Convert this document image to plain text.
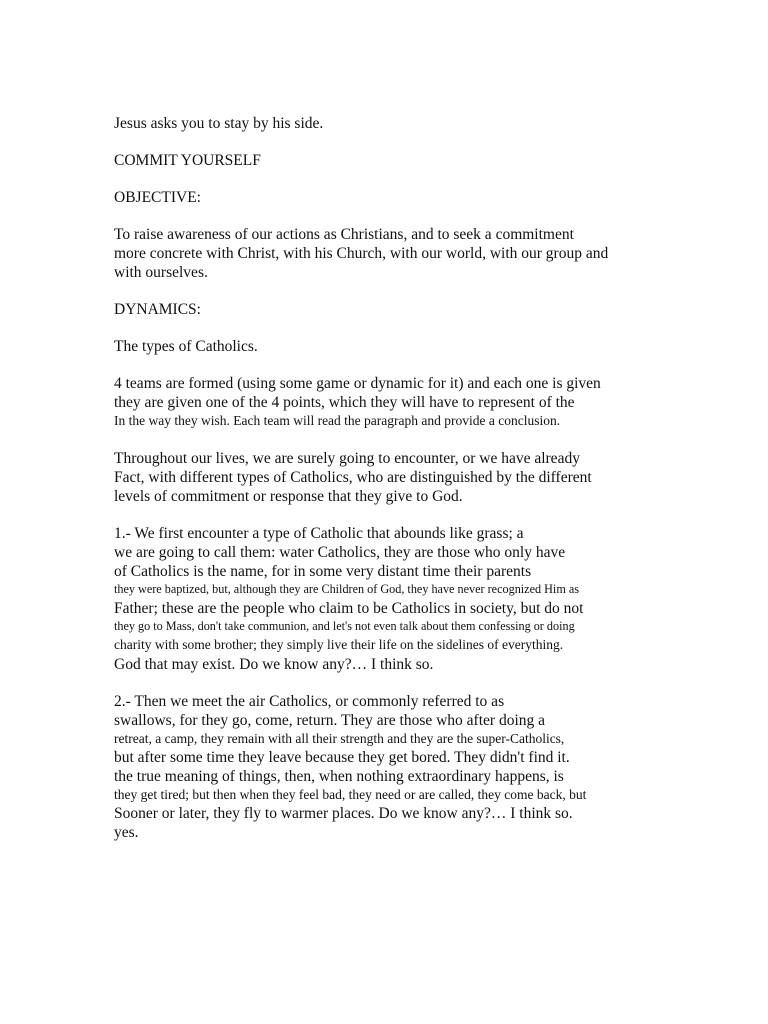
Jesus asks you to stay by his side.
COMMIT YOURSELF
OBJECTIVE:
To raise awareness of our actions as Christians, and to seek a commitment
more concrete with Christ, with his Church, with our world, with our group and
with ourselves.
DYNAMICS:
The types of Catholics.
4 teams are formed (using some game or dynamic for it) and each one is given
they are given one of the 4 points, which they will have to represent of the
In the way they wish. Each team will read the paragraph and provide a conclusion.
Throughout our lives, we are surely going to encounter, or we have already
Fact, with different types of Catholics, who are distinguished by the different
levels of commitment or response that they give to God.
1.- We first encounter a type of Catholic that abounds like grass; a
we are going to call them: water Catholics, they are those who only have
of Catholics is the name, for in some very distant time their parents
they were baptized, but, although they are Children of God, they have never recognized Him as
Father; these are the people who claim to be Catholics in society, but do not
they go to Mass, don't take communion, and let's not even talk about them confessing or doing
charity with some brother; they simply live their life on the sidelines of everything.
God that may exist. Do we know any?… I think so.
2.- Then we meet the air Catholics, or commonly referred to as
swallows, for they go, come, return. They are those who after doing a
retreat, a camp, they remain with all their strength and they are the super-Catholics,
but after some time they leave because they get bored. They didn't find it.
the true meaning of things, then, when nothing extraordinary happens, is
they get tired; but then when they feel bad, they need or are called, they come back, but
Sooner or later, they fly to warmer places. Do we know any?… I think so.
yes.
